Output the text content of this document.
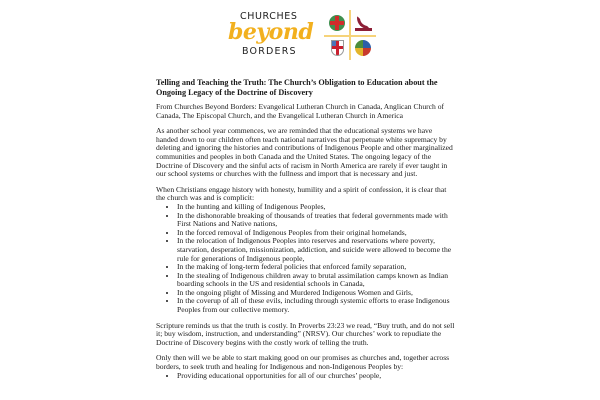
CHURCHES
beyond
BORDERS
Telling and Teaching the Truth: The Church’s Obligation to Education about the Ongoing Legacy of the Doctrine of Discovery

From Churches Beyond Borders: Evangelical Lutheran Church in Canada, Anglican Church of Canada, The Episcopal Church, and the Evangelical Lutheran Church in America

As another school year commences, we are reminded that the educational systems we have handed down to our children often teach national narratives that perpetuate white supremacy by deleting and ignoring the histories and contributions of Indigenous People and other marginalized communities and peoples in both Canada and the United States. The ongoing legacy of the Doctrine of Discovery and the sinful acts of racism in North America are rarely if ever taught in our school systems or churches with the fullness and import that is necessary and just.

When Christians engage history with honesty, humility and a spirit of confession, it is clear that the church was and is complicit:

• In the hunting and killing of Indigenous Peoples,
• In the dishonorable breaking of thousands of treaties that federal governments made with First Nations and Native nations,
• In the forced removal of Indigenous Peoples from their original homelands,
• In the relocation of Indigenous Peoples into reserves and reservations where poverty, starvation, desperation, missionization, addiction, and suicide were allowed to become the rule for generations of Indigenous people,
• In the making of long-term federal policies that enforced family separation,
• In the stealing of Indigenous children away to brutal assimilation camps known as Indian boarding schools in the US and residential schools in Canada,
• In the ongoing plight of Missing and Murdered Indigenous Women and Girls,
• In the coverup of all of these evils, including through systemic efforts to erase Indigenous Peoples from our collective memory.

Scripture reminds us that the truth is costly. In Proverbs 23:23 we read, “Buy truth, and do not sell it; buy wisdom, instruction, and understanding” (NRSV). Our churches’ work to repudiate the Doctrine of Discovery begins with the costly work of telling the truth.

Only then will we be able to start making good on our promises as churches and, together across borders, to seek truth and healing for Indigenous and non-Indigenous Peoples by:

• Providing educational opportunities for all of our churches’ people,
